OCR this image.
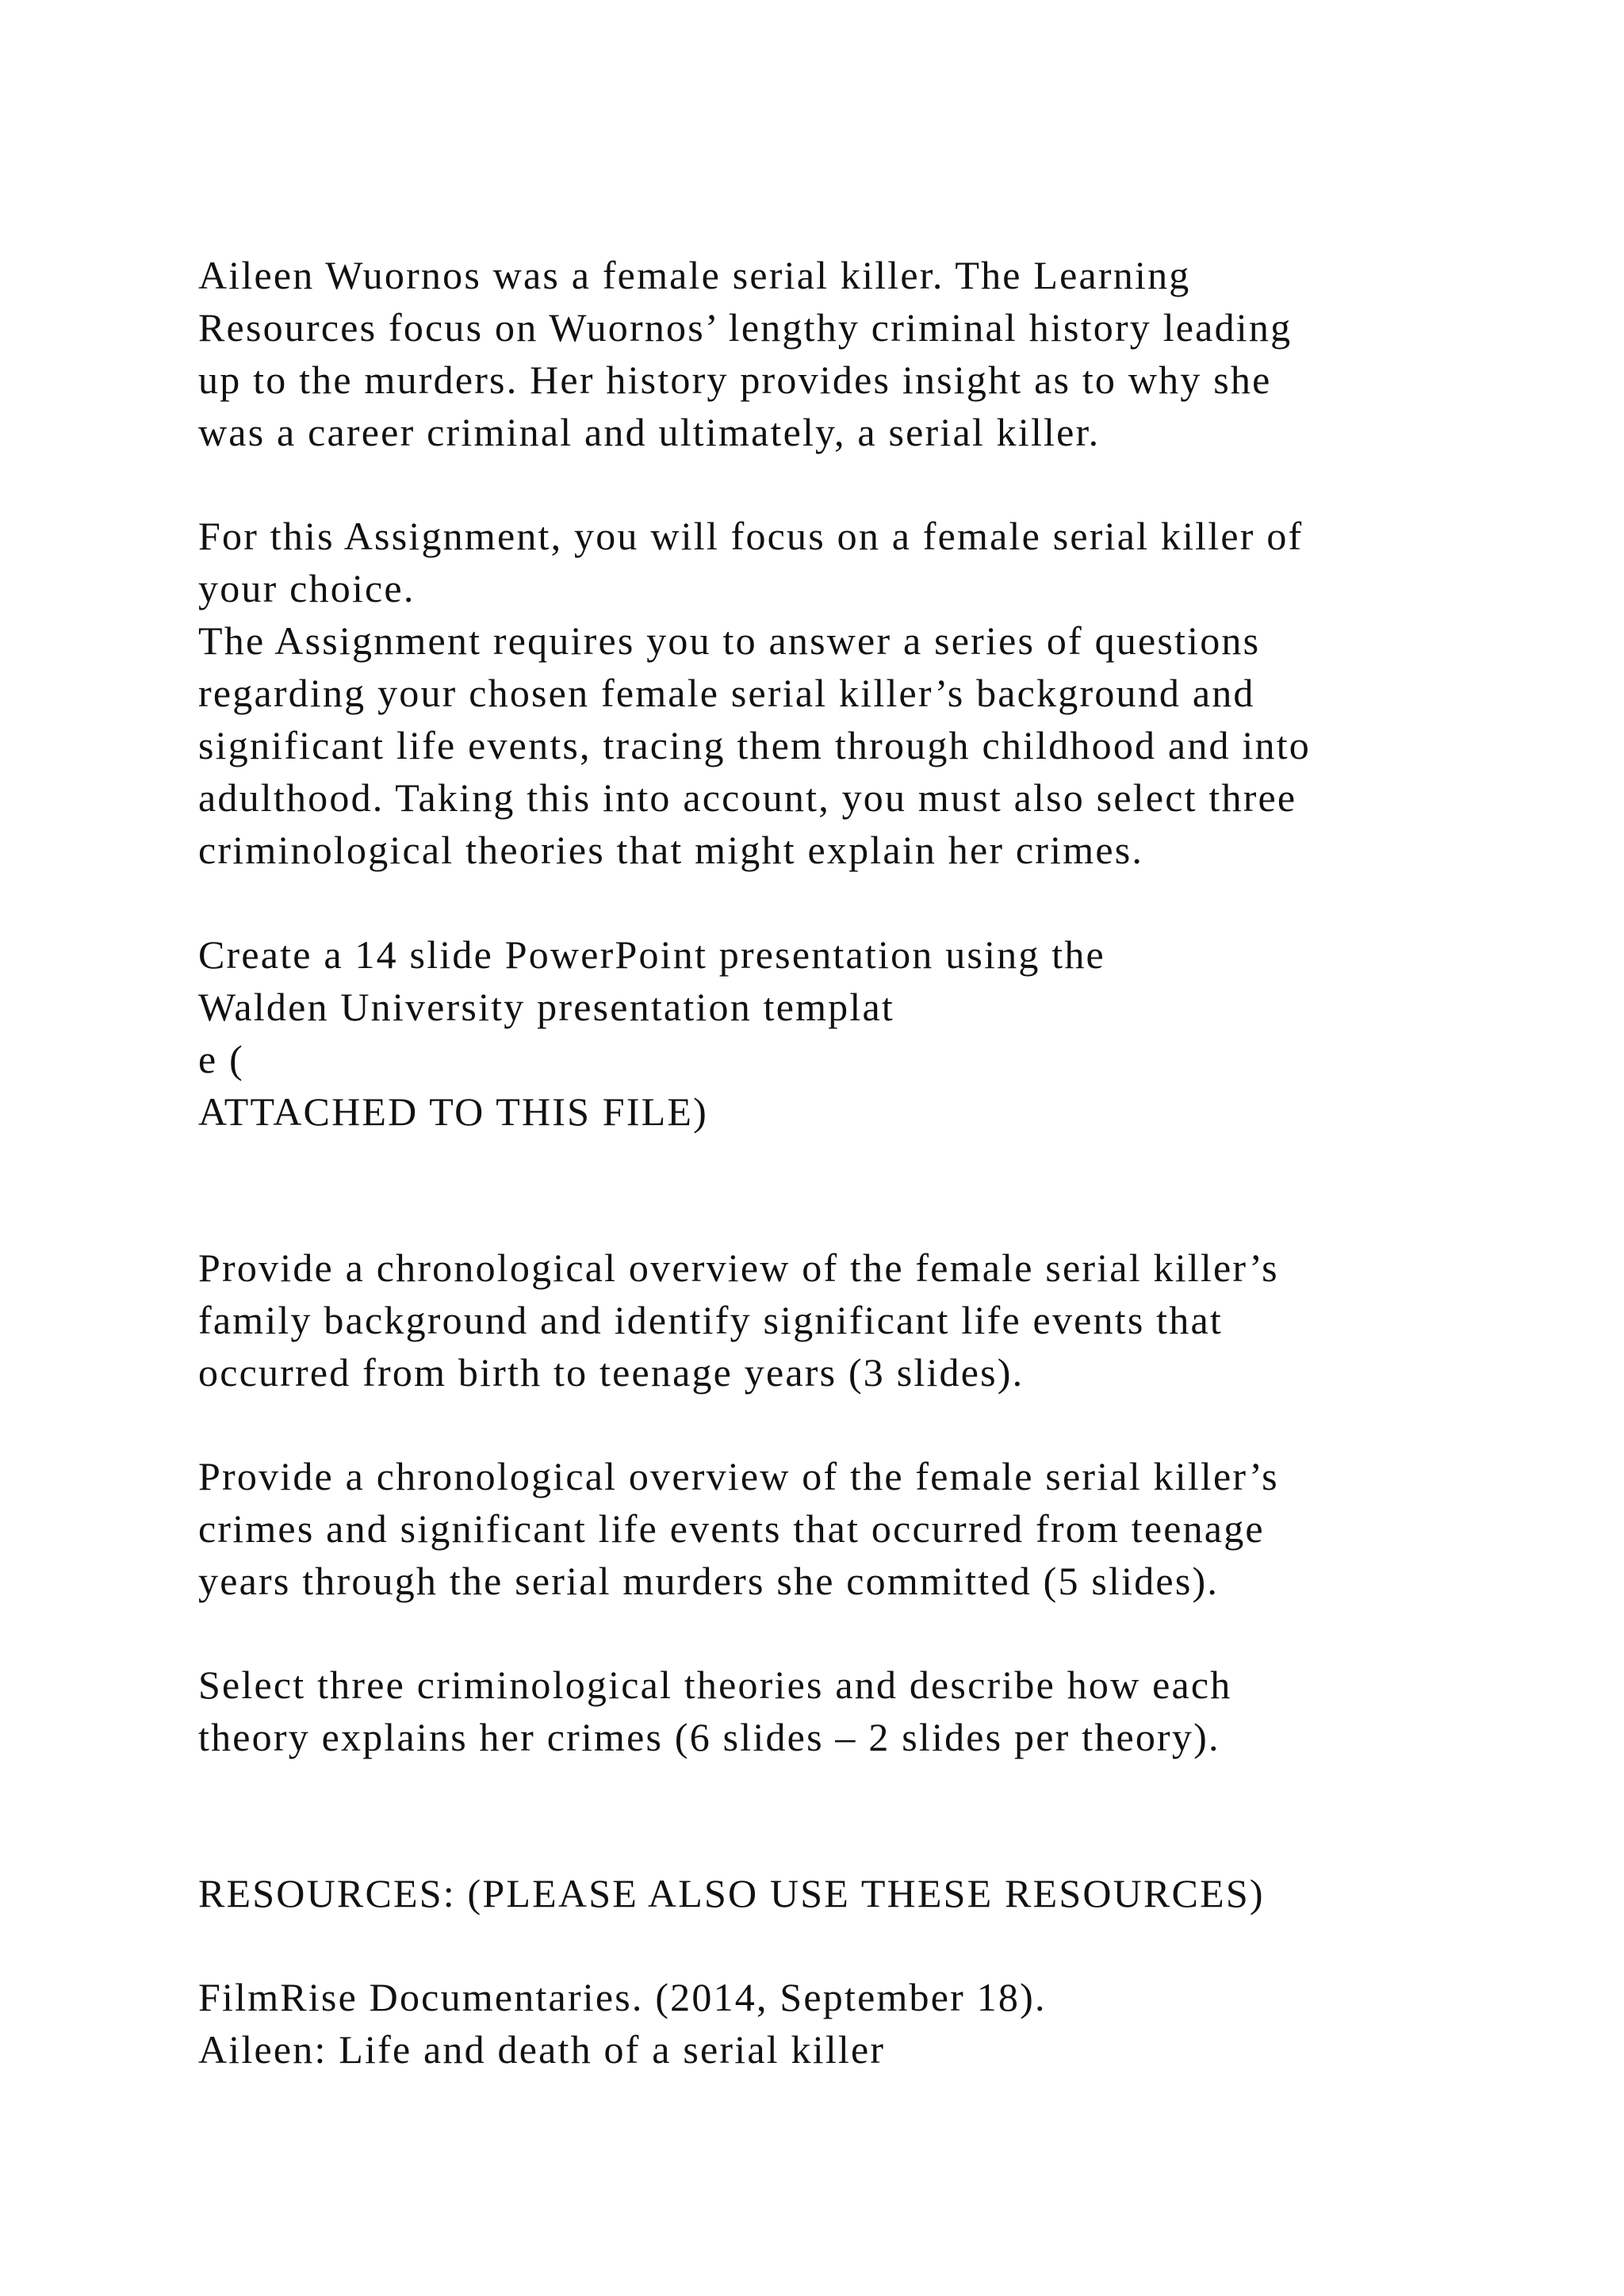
Aileen Wuornos was a female serial killer. The Learning
Resources focus on Wuornos’ lengthy criminal history leading
up to the murders. Her history provides insight as to why she
was a career criminal and ultimately, a serial killer.
For this Assignment, you will focus on a female serial killer of
your choice.
The Assignment requires you to answer a series of questions
regarding your chosen female serial killer’s background and
significant life events, tracing them through childhood and into
adulthood. Taking this into account, you must also select three
criminological theories that might explain her crimes.
Create a 14 slide PowerPoint presentation using the
Walden University presentation templat
e (
ATTACHED TO THIS FILE)
Provide a chronological overview of the female serial killer’s
family background and identify significant life events that
occurred from birth to teenage years (3 slides).
Provide a chronological overview of the female serial killer’s
crimes and significant life events that occurred from teenage
years through the serial murders she committed (5 slides).
Select three criminological theories and describe how each
theory explains her crimes (6 slides – 2 slides per theory).
RESOURCES: (PLEASE ALSO USE THESE RESOURCES)
FilmRise Documentaries. (2014, September 18).
Aileen: Life and death of a serial killer
